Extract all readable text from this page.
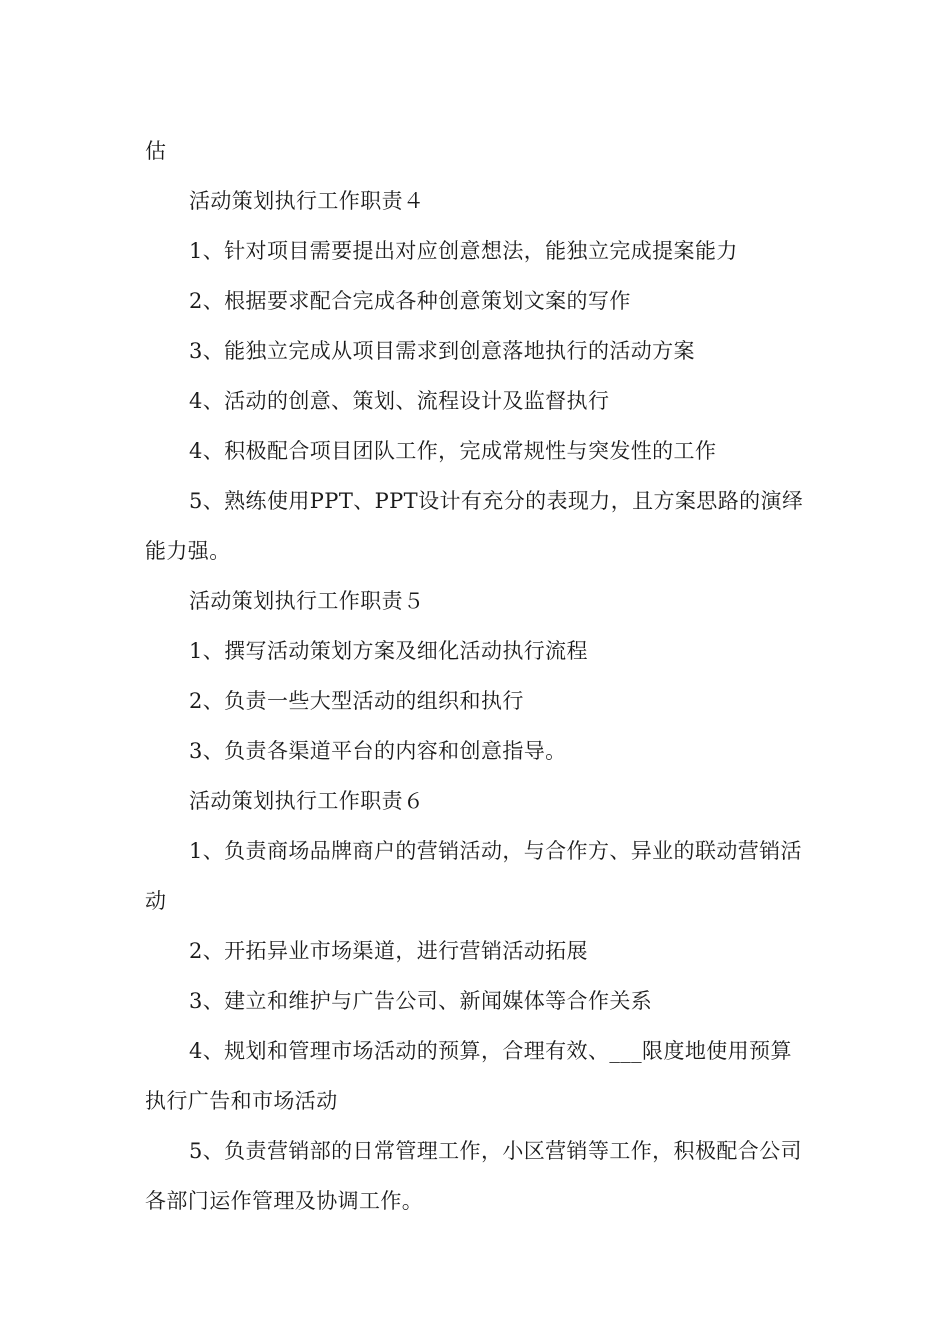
估

活动策划执行工作职责４

1、针对项目需要提出对应创意想法，能独立完成提案能力

2、根据要求配合完成各种创意策划文案的写作

3、能独立完成从项目需求到创意落地执行的活动方案

4、活动的创意、策划、流程设计及监督执行

4、积极配合项目团队工作，完成常规性与突发性的工作

5、熟练使用PPT、PPT设计有充分的表现力，且方案思路的演绎能力强。

活动策划执行工作职责５

1、撰写活动策划方案及细化活动执行流程

2、负责一些大型活动的组织和执行

3、负责各渠道平台的内容和创意指导。

活动策划执行工作职责６

1、负责商场品牌商户的营销活动，与合作方、异业的联动营销活动

2、开拓异业市场渠道，进行营销活动拓展

3、建立和维护与广告公司、新闻媒体等合作关系

4、规划和管理市场活动的预算，合理有效、___限度地使用预算执行广告和市场活动

5、负责营销部的日常管理工作，小区营销等工作，积极配合公司各部门运作管理及协调工作。
